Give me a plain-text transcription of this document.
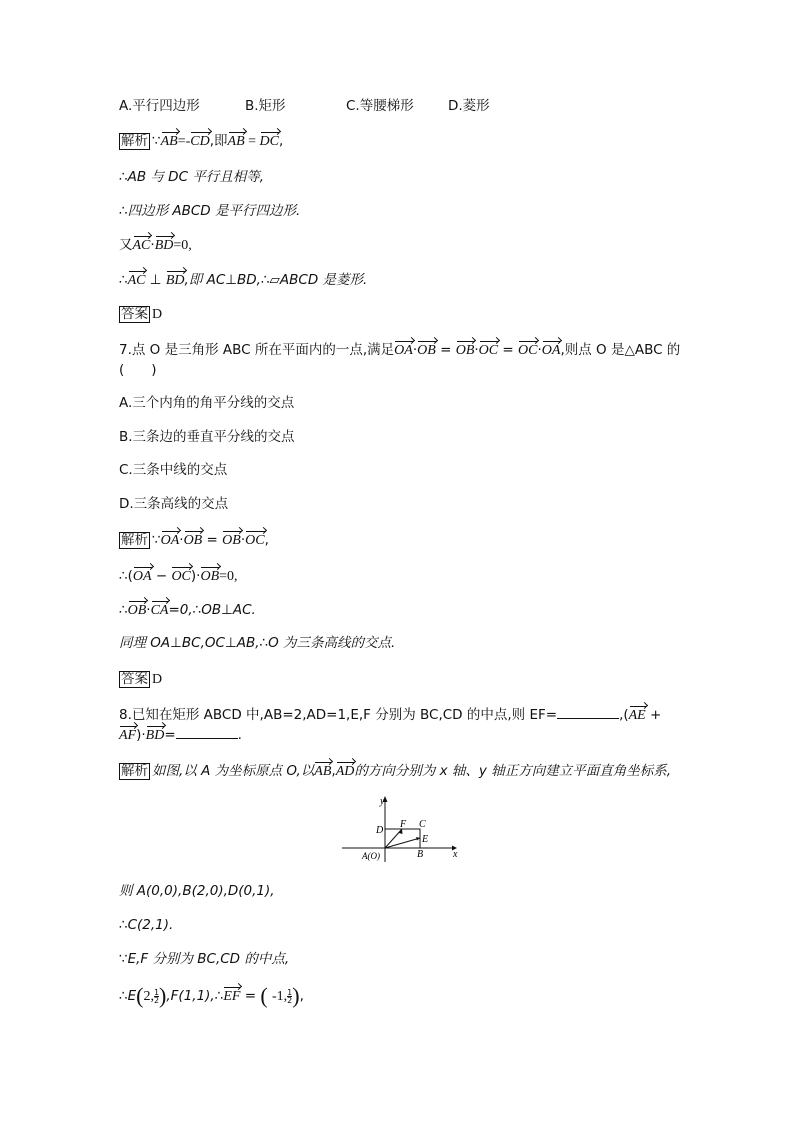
A.平行四边形	B.矩形	C.等腰梯形	D.菱形
解析 ∵AB=-CD,即AB = DC,
∴AB 与 DC 平行且相等,
∴四边形 ABCD 是平行四边形.
又AC·BD=0,
∴AC ⊥ BD,即 AC⊥BD,∴▱ABCD 是菱形.
答案 D
7.点 O 是三角形 ABC 所在平面内的一点,满足OA·OB = OB·OC = OC·OA,则点 O 是△ABC 的
(　　)
A.三个内角的角平分线的交点
B.三条边的垂直平分线的交点
C.三条中线的交点
D.三条高线的交点
解析 ∵OA·OB = OB·OC,
∴(OA − OC)·OB=0,
∴OB·CA=0,∴OB⊥AC.
同理 OA⊥BC,OC⊥AB,∴O 为三条高线的交点.
答案 D
8.已知在矩形 ABCD 中,AB=2,AD=1,E,F 分别为 BC,CD 的中点,则 EF=	,(AE +
AF)·BD=	.
解析 如图,以 A 为坐标原点 O,以AB,AD的方向分别为 x 轴、y 轴正方向建立平面直角坐标系,
y
x
D
F C
E
B
A(O)
则 A(0,0),B(2,0),D(0,1),
∴C(2,1).
∵E,F 分别为 BC,CD 的中点,
∴E(2, $\frac{1}{2}$ ),F(1,1),∴EF = ( -1, $\frac{1}{2}$ ),
